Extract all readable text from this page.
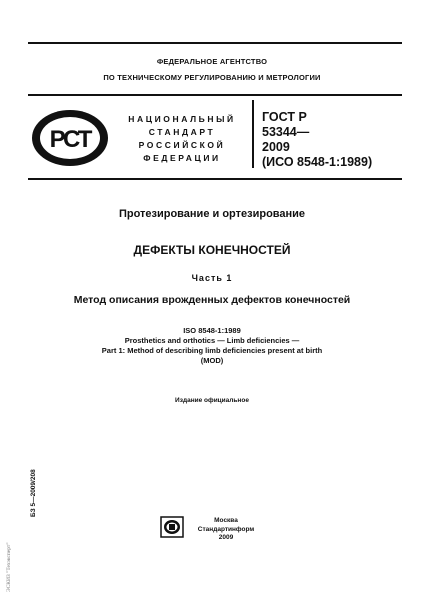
ФЕДЕРАЛЬНОЕ АГЕНТСТВО
ПО ТЕХНИЧЕСКОМУ РЕГУЛИРОВАНИЮ И МЕТРОЛОГИИ
РСТ
НАЦИОНАЛЬНЫЙ
СТАНДАРТ
РОССИЙСКОЙ
ФЕДЕРАЦИИ
ГОСТ Р
53344—
2009
(ИСО 8548-1:1989)
Протезирование и ортезирование
ДЕФЕКТЫ КОНЕЧНОСТЕЙ
Часть 1
Метод описания врожденных дефектов конечностей
ISO 8548-1:1989
Prosthetics and orthotics — Limb deficiencies —
Part 1: Method of describing limb deficiencies present at birth
(MOD)
Издание официальное
БЗ 5—2009/208
ЭСКИЗ "Техэксперт"
Москва
Стандартинформ
2009
